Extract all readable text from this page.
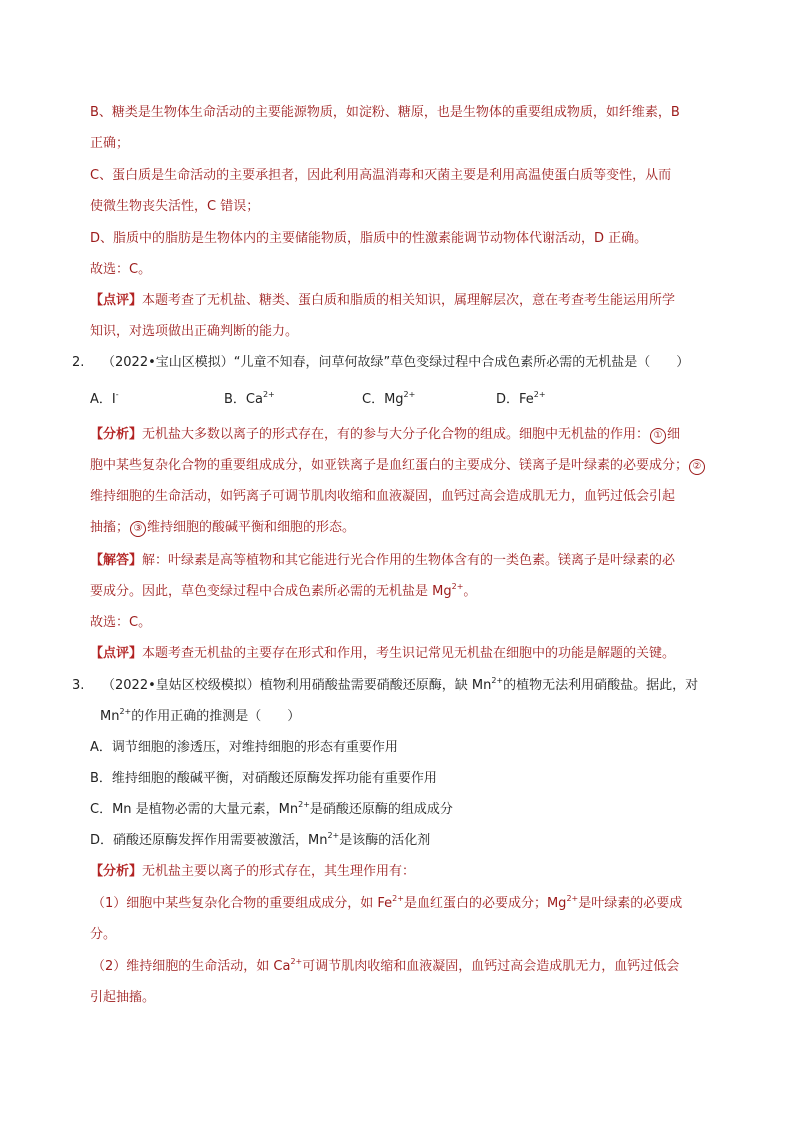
B、糖类是生物体生命活动的主要能源物质，如淀粉、糖原，也是生物体的重要组成物质，如纤维素，B
正确；
C、蛋白质是生命活动的主要承担者，因此利用高温消毒和灭菌主要是利用高温使蛋白质等变性，从而
使微生物丧失活性，C 错误；
D、脂质中的脂肪是生物体内的主要储能物质，脂质中的性激素能调节动物体代谢活动，D 正确。
故选：C。
【点评】本题考查了无机盐、糖类、蛋白质和脂质的相关知识，属理解层次，意在考查考生能运用所学
知识，对选项做出正确判断的能力。
2. （2022•宝山区模拟）“儿童不知春，问草何故绿”草色变绿过程中合成色素所必需的无机盐是（　　）
A．I-	B．$Ca^{2+}$	C．$Mg^{2+}$	D．$Fe^{2+}$
【分析】无机盐大多数以离子的形式存在，有的参与大分子化合物的组成。细胞中无机盐的作用： ① 细
胞中某些复杂化合物的重要组成成分，如亚铁离子是血红蛋白的主要成分、镁离子是叶绿素的必要成分； ②
维持细胞的生命活动，如钙离子可调节肌肉收缩和血液凝固，血钙过高会造成肌无力，血钙过低会引起
抽搐； ③ 维持细胞的酸碱平衡和细胞的形态。
【解答】解：叶绿素是高等植物和其它能进行光合作用的生物体含有的一类色素。镁离子是叶绿素的必
要成分。因此，草色变绿过程中合成色素所必需的无机盐是 $Mg^{2+}$。
故选：C。
【点评】本题考查无机盐的主要存在形式和作用，考生识记常见无机盐在细胞中的功能是解题的关键。
3. （2022•皇姑区校级模拟）植物利用硝酸盐需要硝酸还原酶，缺 $Mn^{2+}$的植物无法利用硝酸盐。据此，对
$Mn^{2+}$的作用正确的推测是（　　）
A．调节细胞的渗透压，对维持细胞的形态有重要作用
B．维持细胞的酸碱平衡，对硝酸还原酶发挥功能有重要作用
C．Mn 是植物必需的大量元素，$Mn^{2+}$是硝酸还原酶的组成成分
D．硝酸还原酶发挥作用需要被激活，$Mn^{2+}$是该酶的活化剂
【分析】无机盐主要以离子的形式存在，其生理作用有：
（1）细胞中某些复杂化合物的重要组成成分，如 $Fe^{2+}$是血红蛋白的必要成分；$Mg^{2+}$是叶绿素的必要成
分。
（2）维持细胞的生命活动，如 $Ca^{2+}$可调节肌肉收缩和血液凝固，血钙过高会造成肌无力，血钙过低会
引起抽搐。
